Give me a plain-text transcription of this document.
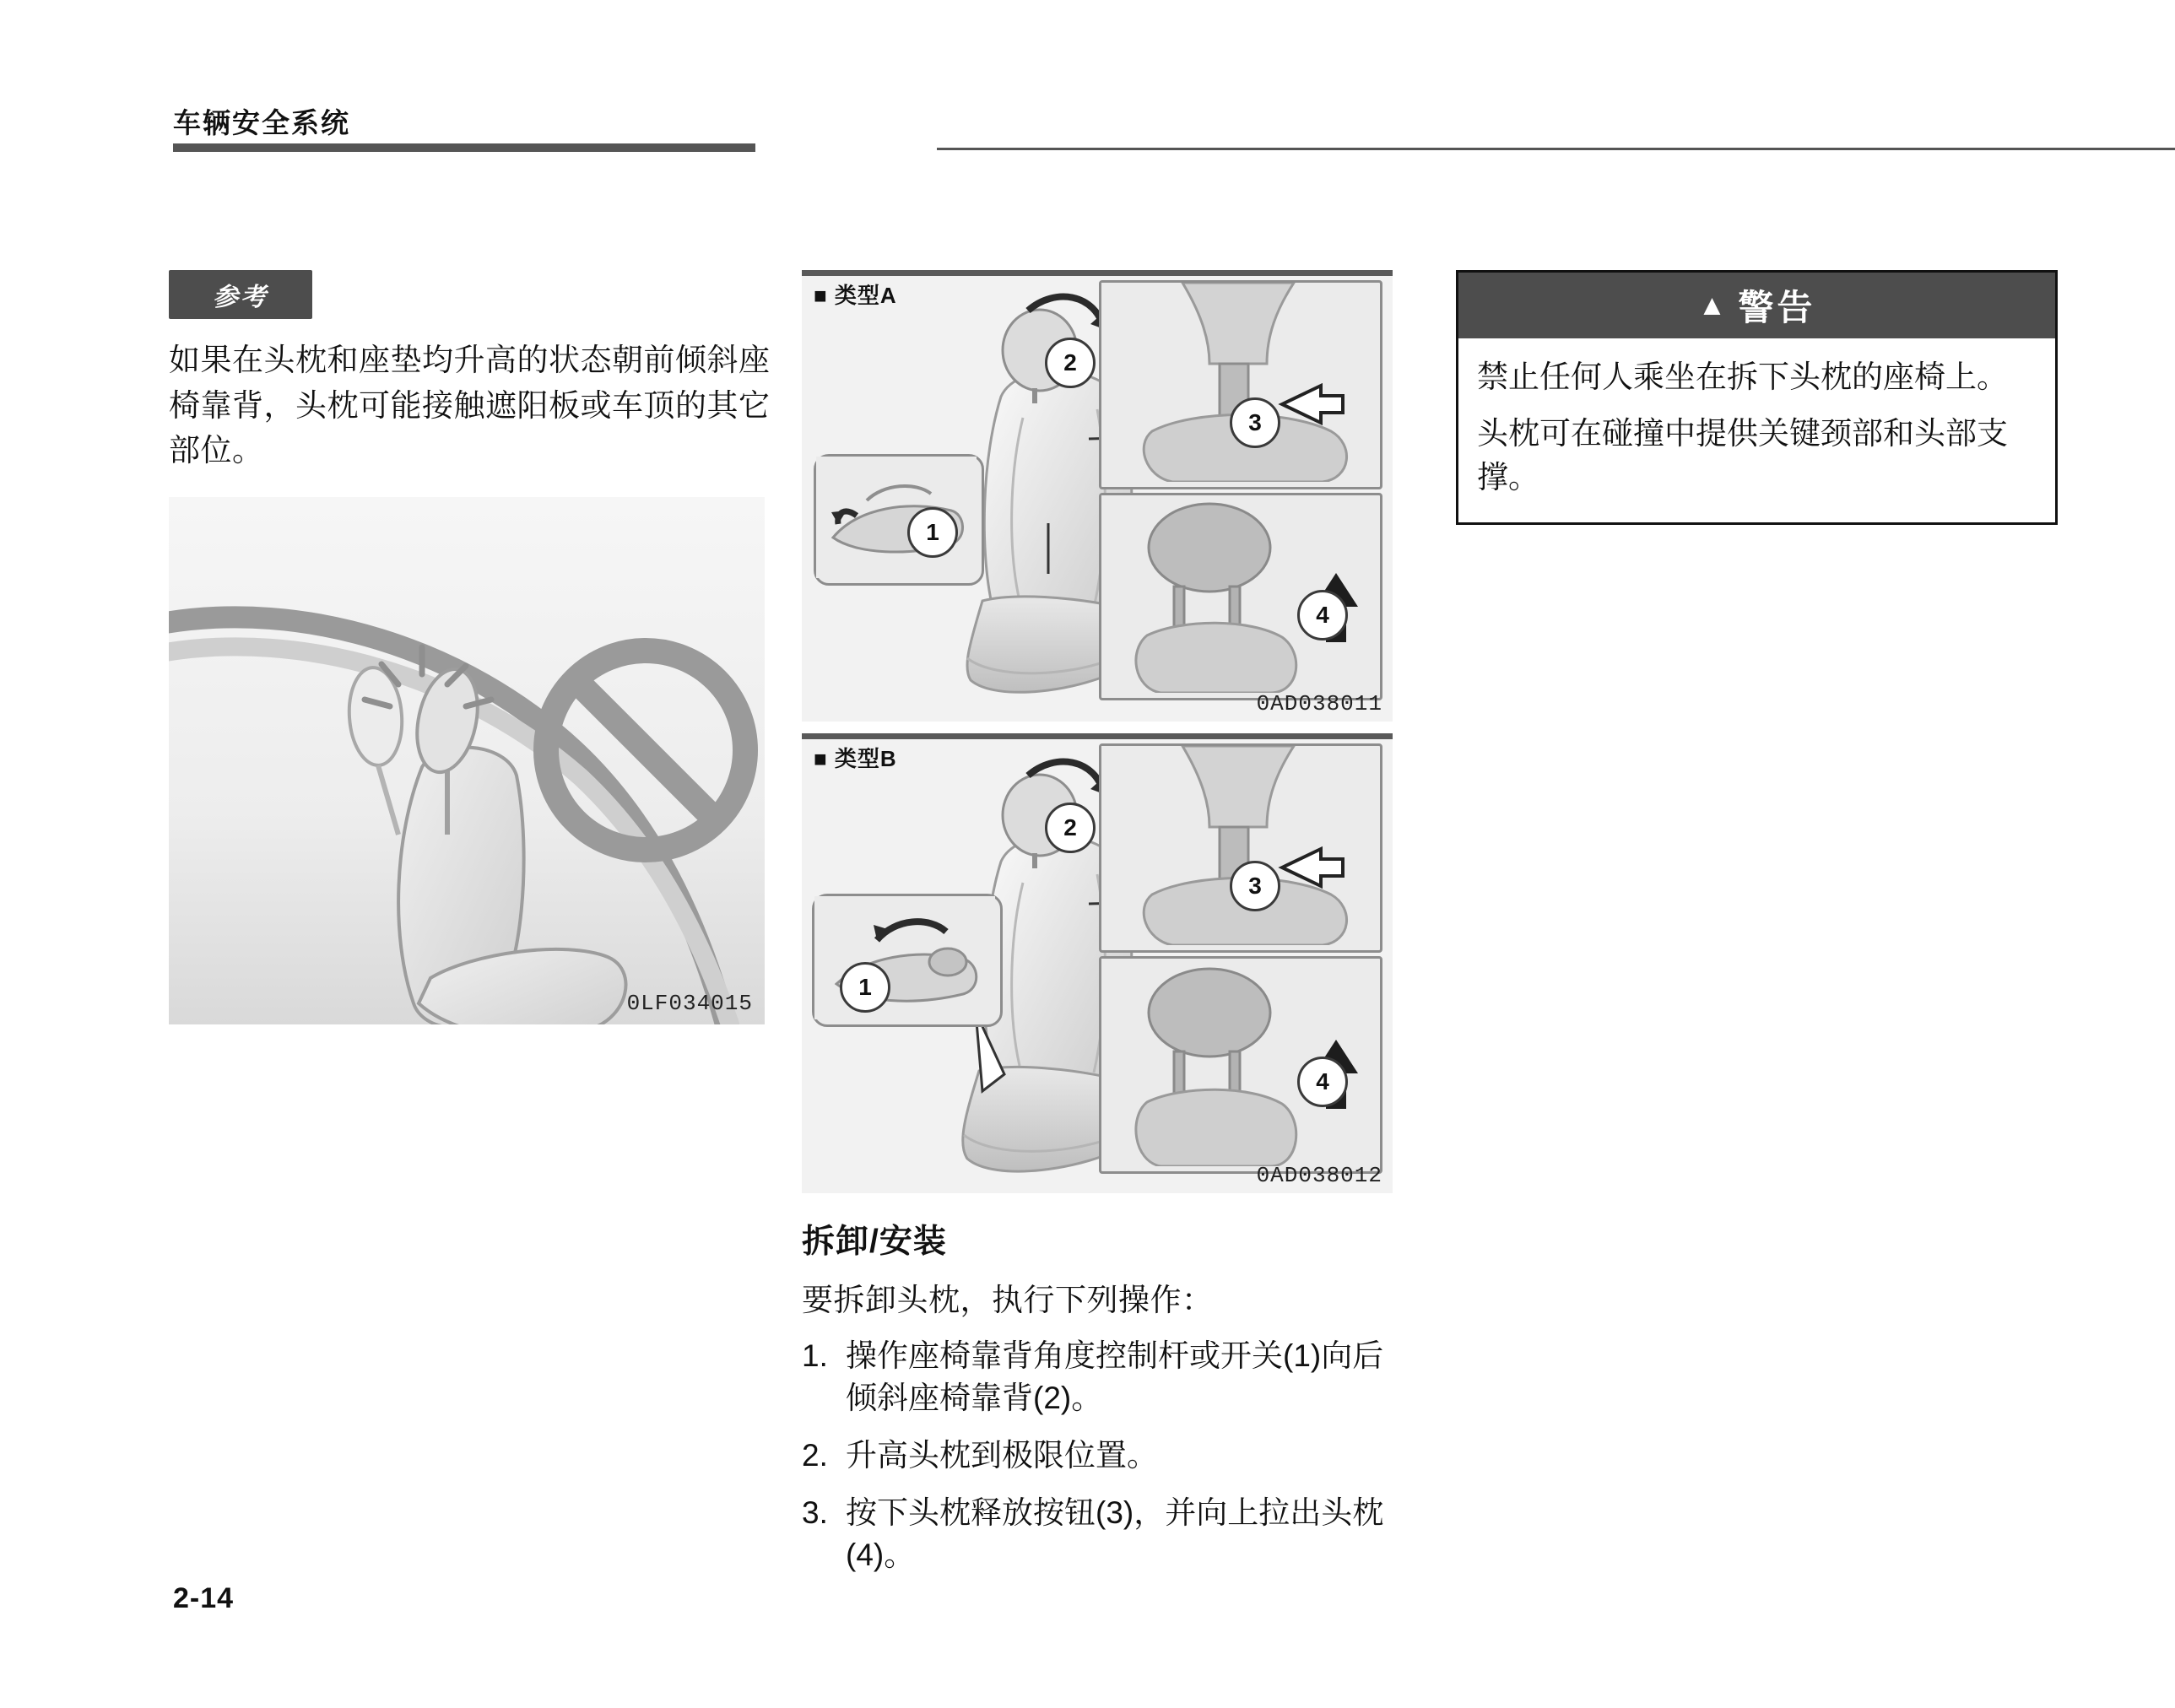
车辆安全系统
参考
如果在头枕和座垫均升高的状态朝前倾斜座椅靠背，头枕可能接触遮阳板或车顶的其它部位。
0LF034015
■ 类型A
1
3
4
2
0AD038011
■ 类型B
1
3
4
2
0AD038012
拆卸/安装
要拆卸头枕，执行下列操作：
1. 操作座椅靠背角度控制杆或开关(1)向后倾斜座椅靠背(2)。
2. 升高头枕到极限位置。
3. 按下头枕释放按钮(3)，并向上拉出头枕(4)。
▲ 警告
禁止任何人乘坐在拆下头枕的座椅上。
头枕可在碰撞中提供关键颈部和头部支撑。
2-14
